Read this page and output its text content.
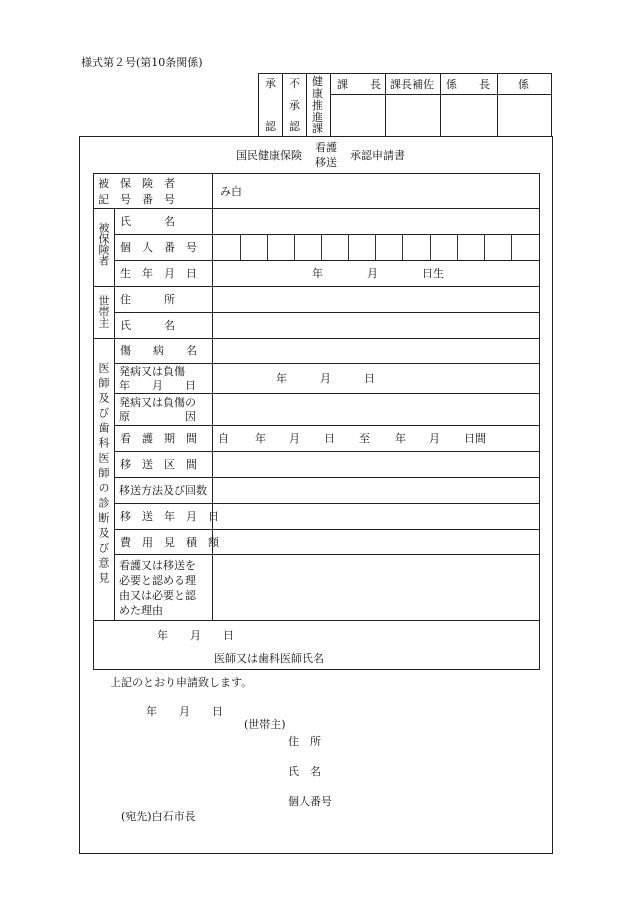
様式第２号(第10条関係)
承
認
不
承
認
健
康
推
進
課
課　　長 課長補佐 係　　長	係
国民健康保険
看護
移送
承認申請書
被　保　険　者
記　号　番　号
み白
被保険者
氏　　　名
個　人　番　号
生　年　月　日	年　　　　月　　　　日生
世帯主 住　　　所
氏　　　名
医師及び歯科医師の診断及び意見
傷　　病　　名
発病又は負傷
年　　月　　日
年　　　月　　　日
発病又は負傷の
原　　　　　因
看　護　期　間 自 年 月 日 至 年 月 日間
移　送　区　間
移送方法及び回数
移　送　年　月　日
費　用　見　積　額
看護又は移送を
必要と認める理
由又は必要と認
めた理由
年　　月　　日
医師又は歯科医師氏名
上記のとおり申請致します。
年　　月　　日
(世帯主)
住　所
氏　名
個人番号
(宛先)白石市長
